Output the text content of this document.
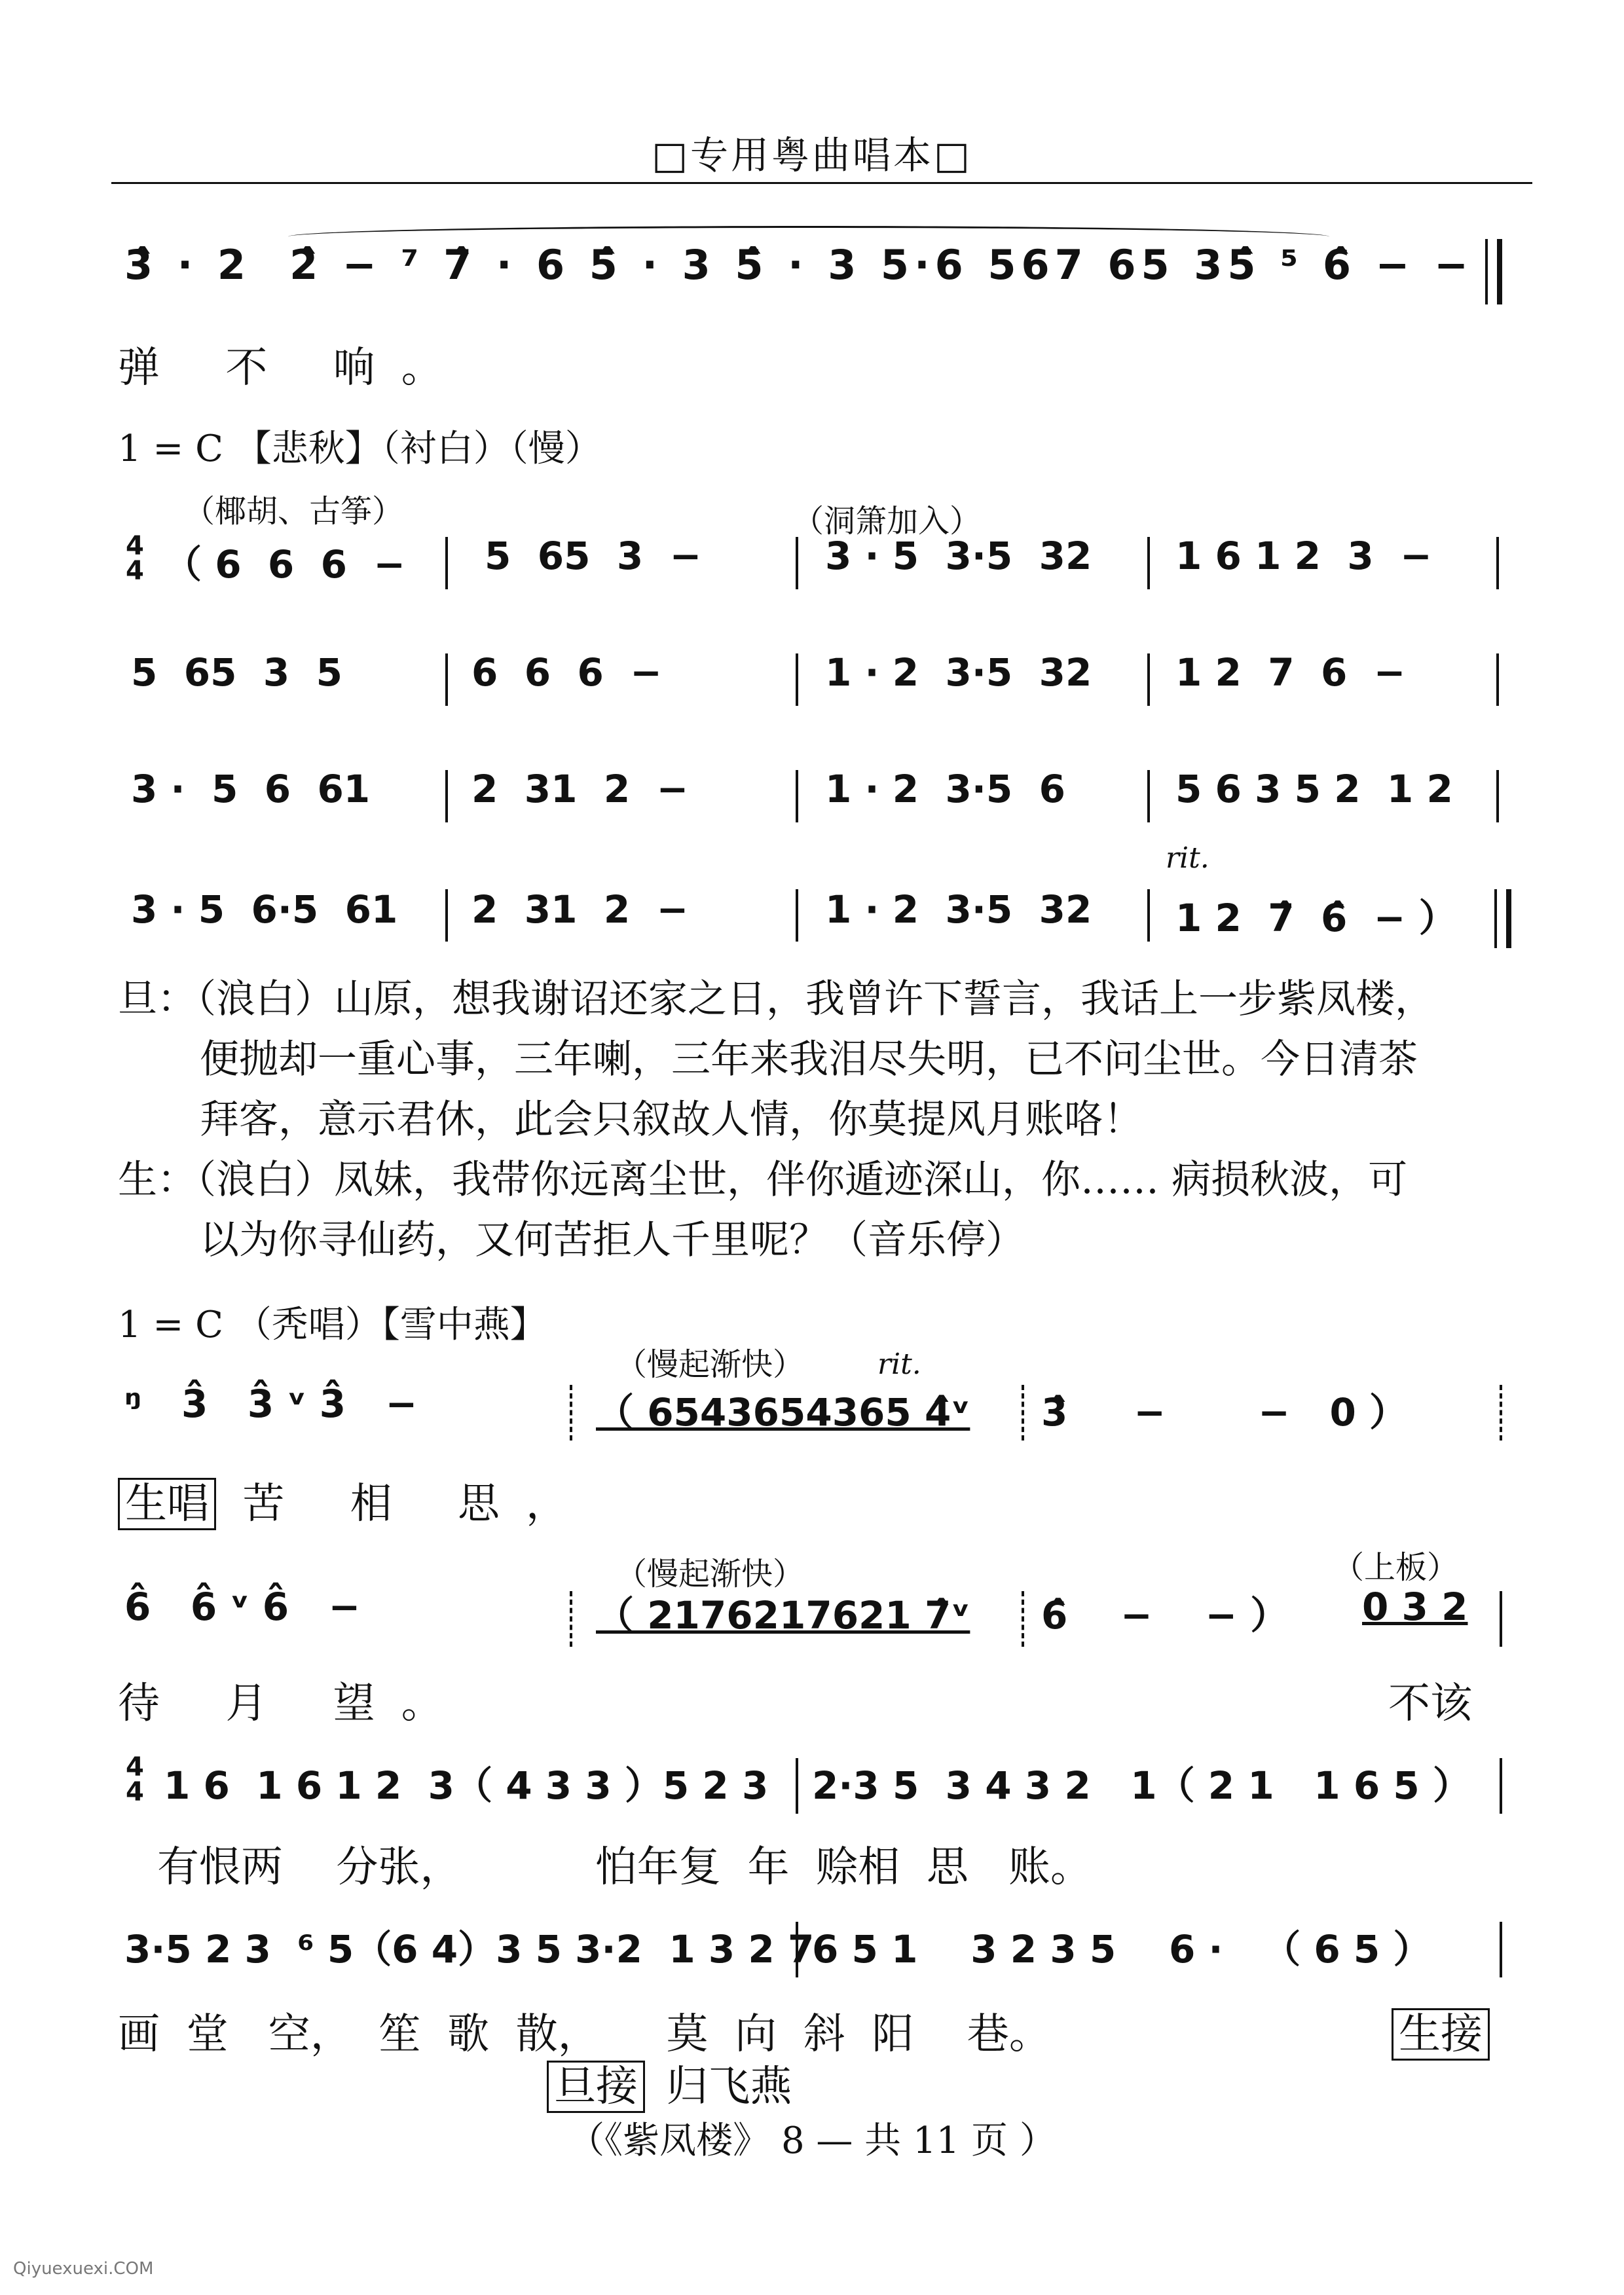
□专用粤曲唱本□
3̂ · 2  2̂ − ⁷ 7̂ · 6 5̂ · 3 5̂ · 3 5·6 567 65 35̂ ⁵ 6̂ − −
弹 不 响。
1 = C 【悲秋】（衬白）（慢）
（椰胡、古筝）	（洞箫加入）
4
4 （ 6  6  6  −	5  65  3  −	3 · 5  3·5  32	1 6 1 2  3  −
5  65  3  5	6  6  6  −	1 · 2  3·5  32	1 2  7  6  −
3 ·  5  6  61	2  31  2  −	1 · 2  3·5  6	5 6 3 5 2  1 2
rit.
3 · 5  6·5  61	2  31  2  −	1 · 2  3·5  32	1 2  7̂  6̂  − ）
旦：（浪白）山原，想我谢诏还家之日，我曾许下誓言，我话上一步紫凤楼，
便抛却一重心事，三年喇，三年来我泪尽失明，已不问尘世。今日清茶
拜客，意示君休，此会只叙故人情，你莫提风月账咯！
生：（浪白）凤妹，我带你远离尘世，伴你遁迹深山，你…… 病损秋波，可
以为你寻仙药，又何苦拒人千里呢？（音乐停）
1 = C （秃唱）【雪中燕】
（慢起渐快）	rit.
ᵑ   3̂   3̂ ᵛ 3̂   −	（ 6543654365 4̂ᵛ 3̂     −       −   0 ）
生唱 苦 相 思，
（慢起渐快）	（上板）
6̂   6̂ ᵛ 6̂   −	（ 2176217621 7̂ᵛ 6̂    −    − ） 0 3 2
待 月 望。	不该
4
4 1 6  1 6 1 2  3（ 4 3 3 ）5 2 3 2·3 5  3 4 3 2   1（ 2 1   1 6 5 ）
有恨两    分张，          怕年复  年  赊相  思   账。
3·5 2 3  ⁶ 5（6 4）3 5 3·2  1 3 2 7
6 5 1    3 2 3 5    6 ·   （ 6 5 ）
画  堂   空，  笙  歌  散，     莫  向  斜  阳    巷。	生接
旦接 归飞燕
（《紫凤楼》 8 — 共 11 页 ）
Qiyuexuexi.COM
